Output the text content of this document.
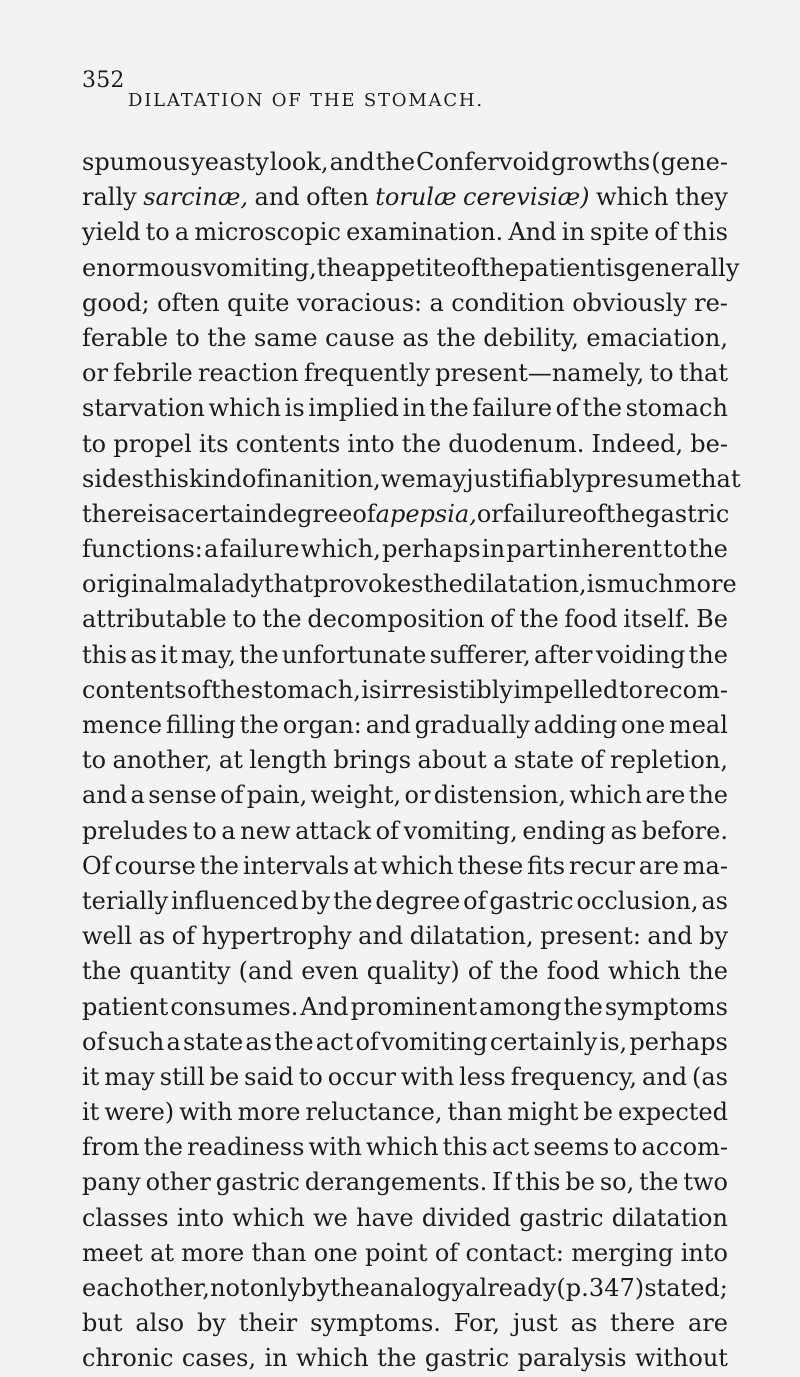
352
DILATATION OF THE STOMACH.
spumous yeasty look, and the Confervoid growths (gene-
rally sarcinæ, and often torulæ cerevisiæ) which they
yield to a microscopic examination. And in spite of this
enormous vomiting, the appetite of the patient is generally
good; often quite voracious: a condition obviously re-
ferable to the same cause as the debility, emaciation,
or febrile reaction frequently present—namely, to that
starvation which is implied in the failure of the stomach
to propel its contents into the duodenum. Indeed, be-
sides this kind of inanition, we may justifiably presume that
there is a certain degree of apepsia, or failure of the gastric
functions: a failure which, perhaps in part inherent to the
original malady that provokes the dilatation, is much more
attributable to the decomposition of the food itself. Be
this as it may, the unfortunate sufferer, after voiding the
contents of the stomach, is irresistibly impelled to recom-
mence filling the organ: and gradually adding one meal
to another, at length brings about a state of repletion,
and a sense of pain, weight, or distension, which are the
preludes to a new attack of vomiting, ending as before.
Of course the intervals at which these fits recur are ma-
terially influenced by the degree of gastric occlusion, as
well as of hypertrophy and dilatation, present: and by
the quantity (and even quality) of the food which the
patient consumes. And prominent among the symptoms
of such a state as the act of vomiting certainly is, perhaps
it may still be said to occur with less frequency, and (as
it were) with more reluctance, than might be expected
from the readiness with which this act seems to accom-
pany other gastric derangements. If this be so, the two
classes into which we have divided gastric dilatation
meet at more than one point of contact: merging into
each other, not only by the analogy already (p. 347) stated;
but also by their symptoms. For, just as there are
chronic cases, in which the gastric paralysis without
